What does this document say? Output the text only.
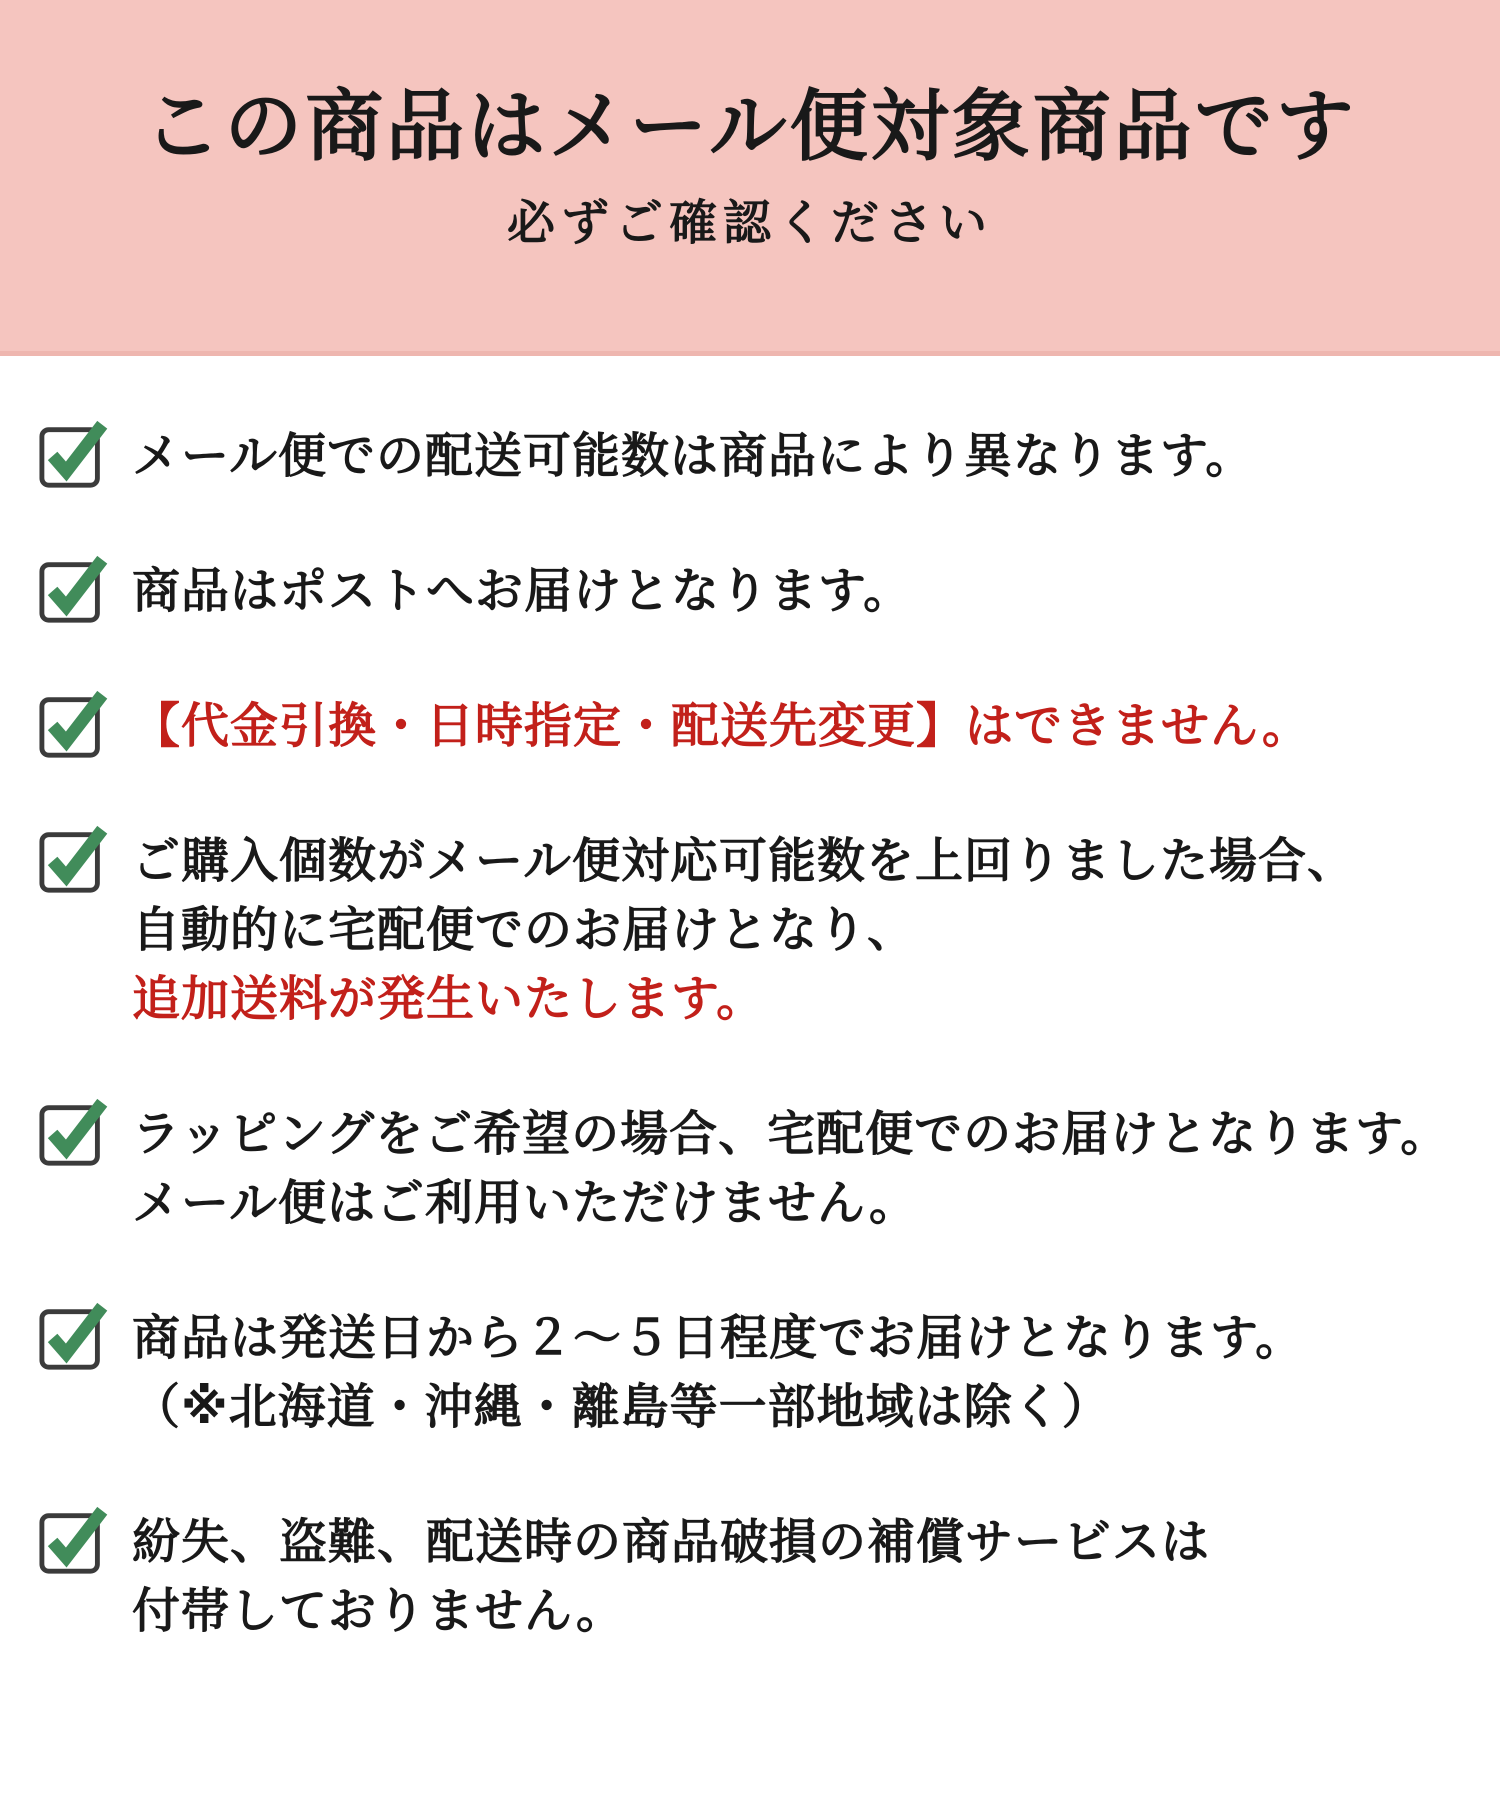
この商品はメール便対象商品です

必ずご確認ください

メール便での配送可能数は商品により異なります。

商品はポストへお届けとなります。

【代金引換・日時指定・配送先変更】はできません。

ご購入個数がメール便対応可能数を上回りました場合、

自動的に宅配便でのお届けとなり、

追加送料が発生いたします。

ラッピングをご希望の場合、宅配便でのお届けとなります。

メール便はご利用いただけません。

商品は発送日から２〜５日程度でお届けとなります。

（※北海道・沖縄・離島等一部地域は除く）

紛失、盗難、配送時の商品破損の補償サービスは

付帯しておりません。
